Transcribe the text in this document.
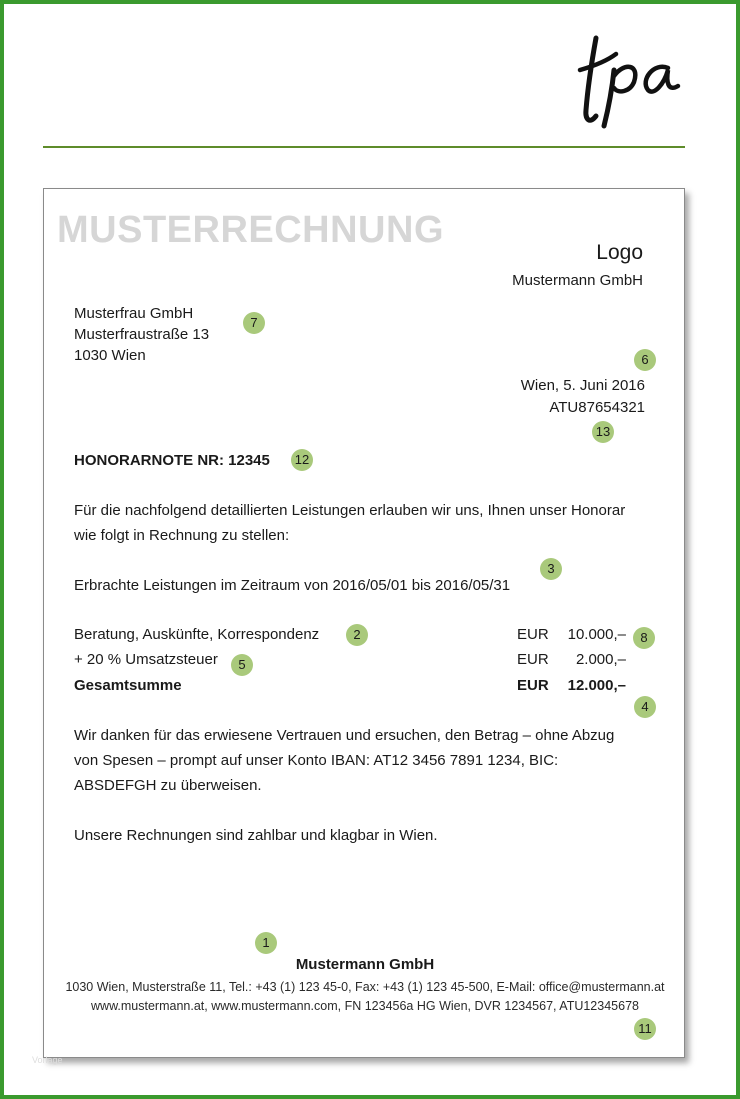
MUSTERRECHNUNG
Logo
Mustermann GmbH
Musterfrau GmbH
Musterfraustraße 13
1030 Wien
Wien, 5. Juni 2016
ATU87654321
HONORARNOTE NR: 12345
Für die nachfolgend detaillierten Leistungen erlauben wir uns, Ihnen unser Honorar wie folgt in Rechnung zu stellen:
Erbrachte Leistungen im Zeitraum von 2016/05/01 bis 2016/05/31
Beratung, Auskünfte, Korrespondenz	EUR 10.000,–
+ 20 % Umsatzsteuer	EUR 2.000,–
Gesamtsumme	EUR 12.000,–
Wir danken für das erwiesene Vertrauen und ersuchen, den Betrag – ohne Abzug von Spesen – prompt auf unser Konto IBAN: AT12 3456 7891 1234, BIC: ABSDEFGH zu überweisen.
Unsere Rechnungen sind zahlbar und klagbar in Wien.
Mustermann GmbH
1030 Wien, Musterstraße 11, Tel.: +43 (1) 123 45-0, Fax: +43 (1) 123 45-500, E-Mail: office@mustermann.at
www.mustermann.at, www.mustermann.com, FN 123456a HG Wien, DVR 1234567, ATU12345678
1
2
3
4
5
6
7
8
11
12
13
Vorlage
